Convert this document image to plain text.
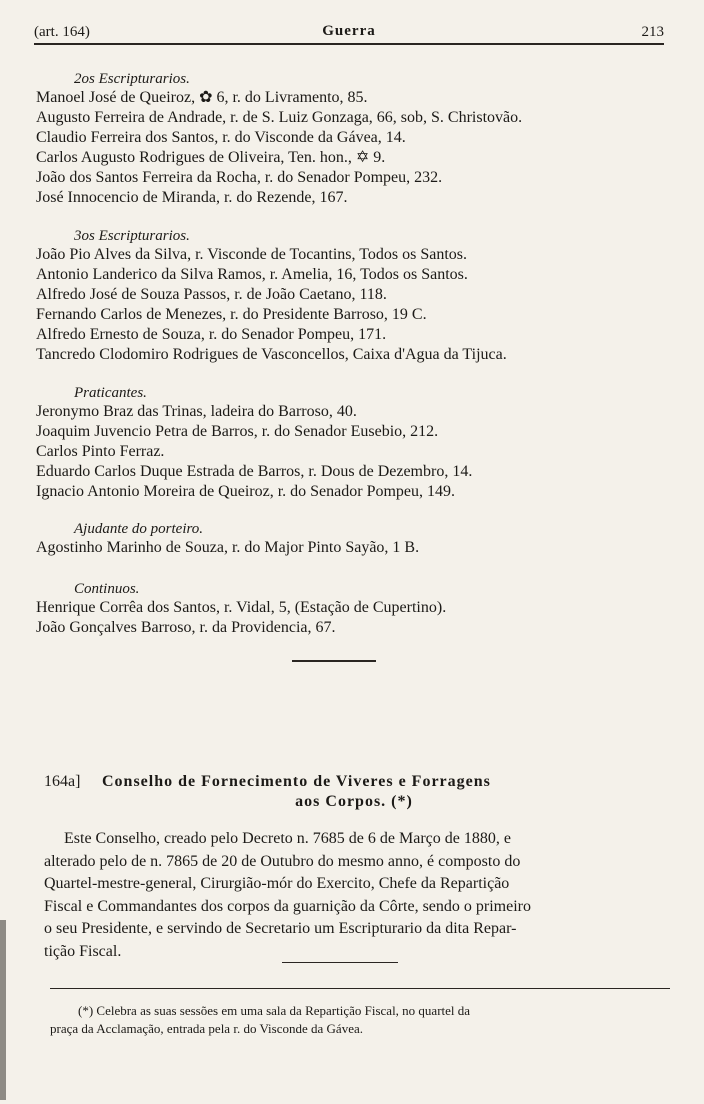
(art. 164)	Guerra	213
2os Escripturarios.
Manoel José de Queiroz, ✿ 6, r. do Livramento, 85.
Augusto Ferreira de Andrade, r. de S. Luiz Gonzaga, 66, sob, S. Christovão.
Claudio Ferreira dos Santos, r. do Visconde da Gávea, 14.
Carlos Augusto Rodrigues de Oliveira, Ten. hon., ✡ 9.
João dos Santos Ferreira da Rocha, r. do Senador Pompeu, 232.
José Innocencio de Miranda, r. do Rezende, 167.
3os Escripturarios.
João Pio Alves da Silva, r. Visconde de Tocantins, Todos os Santos.
Antonio Landerico da Silva Ramos, r. Amelia, 16, Todos os Santos.
Alfredo José de Souza Passos, r. de João Caetano, 118.
Fernando Carlos de Menezes, r. do Presidente Barroso, 19 C.
Alfredo Ernesto de Souza, r. do Senador Pompeu, 171.
Tancredo Clodomiro Rodrigues de Vasconcellos, Caixa d'Agua da Tijuca.
Praticantes.
Jeronymo Braz das Trinas, ladeira do Barroso, 40.
Joaquim Juvencio Petra de Barros, r. do Senador Eusebio, 212.
Carlos Pinto Ferraz.
Eduardo Carlos Duque Estrada de Barros, r. Dous de Dezembro, 14.
Ignacio Antonio Moreira de Queiroz, r. do Senador Pompeu, 149.
Ajudante do porteiro.
Agostinho Marinho de Souza, r. do Major Pinto Sayão, 1 B.
Continuos.
Henrique Corrêa dos Santos, r. Vidal, 5, (Estação de Cupertino).
João Gonçalves Barroso, r. da Providencia, 67.
164a] Conselho de Fornecimento de Viveres e Forragens
aos Corpos. (*)
Este Conselho, creado pelo Decreto n. 7685 de 6 de Março de 1880, e
alterado pelo de n. 7865 de 20 de Outubro do mesmo anno, é composto do
Quartel-mestre-general, Cirurgião-mór do Exercito, Chefe da Repartição
Fiscal e Commandantes dos corpos da guarnição da Côrte, sendo o primeiro
o seu Presidente, e servindo de Secretario um Escripturario da dita Repar-
tição Fiscal.
(*) Celebra as suas sessões em uma sala da Repartição Fiscal, no quartel da
praça da Acclamação, entrada pela r. do Visconde da Gávea.
